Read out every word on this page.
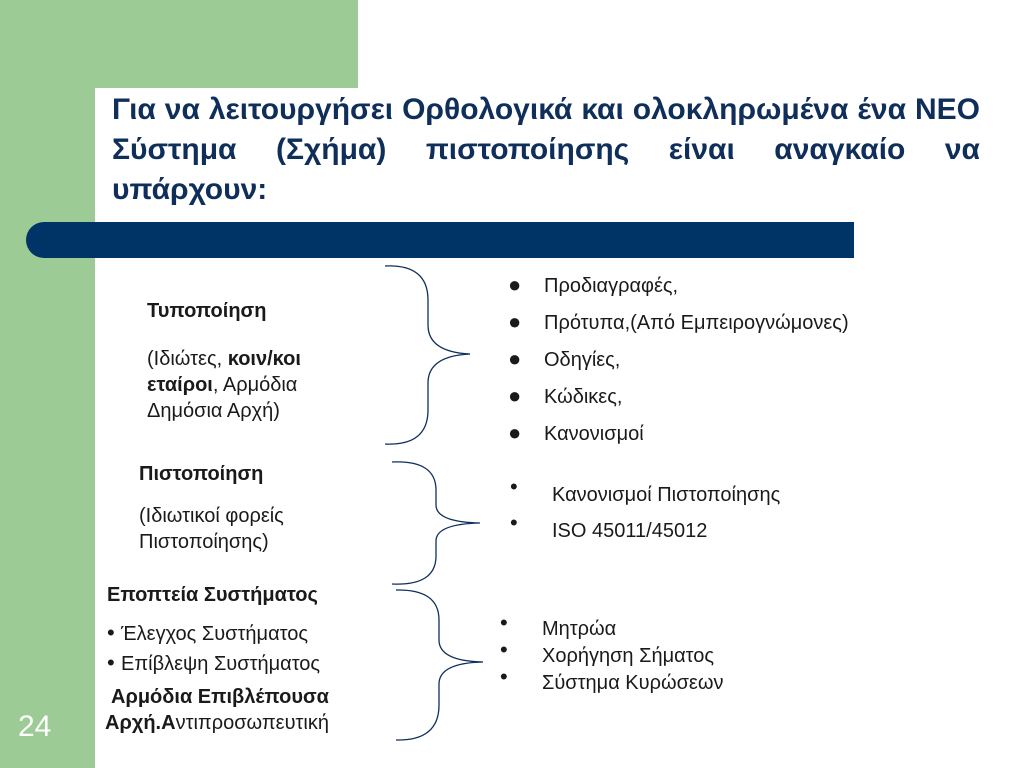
Για να λειτουργήσει Ορθολογικά και ολοκληρωμένα ένα ΝΕΟ Σύστημα (Σχήμα) πιστοποίησης είναι αναγκαίο να υπάρχουν:
Τυποποίηση
(Ιδιώτες, κοιν/κοι εταίροι, Αρμόδια Δημόσια Αρχή)
● Προδιαγραφές,
● Πρότυπα,(Από Εμπειρογνώμονες)
● Οδηγίες,
● Κώδικες,
● Κανονισμοί
Πιστοποίηση
(Ιδιωτικοί φορείς Πιστοποίησης)
• Κανονισμοί Πιστοποίησης
• ISO 45011/45012
Εποπτεία Συστήματος
• Έλεγχος Συστήματος
• Επίβλεψη Συστήματος
Αρμόδια Επιβλέπουσα Αρχή.Αντιπροσωπευτική
• Μητρώα
• Χορήγηση Σήματος
• Σύστημα Κυρώσεων
24
